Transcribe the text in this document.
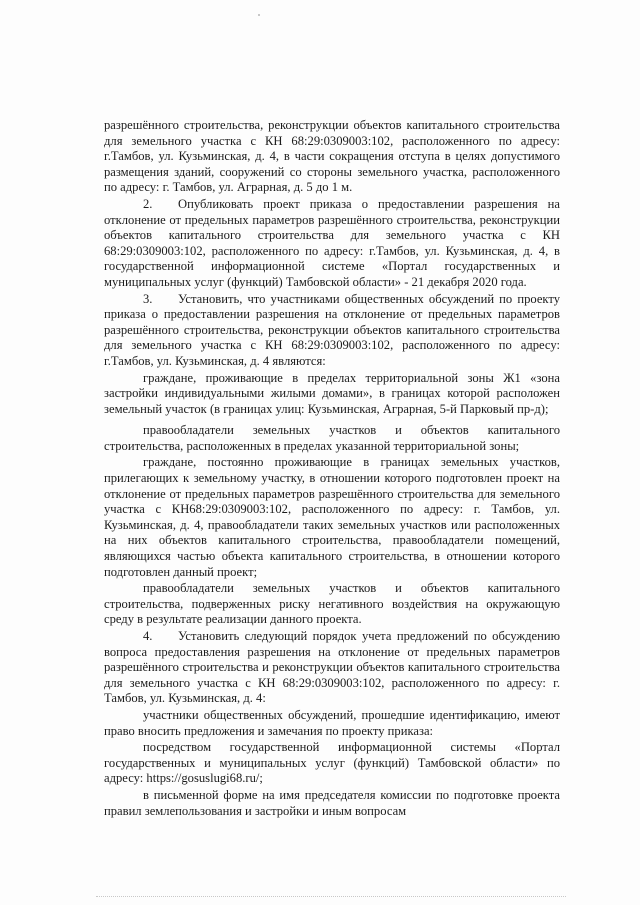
разрешённого строительства, реконструкции объектов капитального строительства для земельного участка с КН 68:29:0309003:102, расположенного по адресу: г.Тамбов, ул. Кузьминская, д. 4, в части сокращения отступа в целях допустимого размещения зданий, сооружений со стороны земельного участка, расположенного по адресу: г. Тамбов, ул. Аграрная, д. 5 до 1 м.

2. Опубликовать проект приказа о предоставлении разрешения на отклонение от предельных параметров разрешённого строительства, реконструкции объектов капитального строительства для земельного участка с КН 68:29:0309003:102, расположенного по адресу: г.Тамбов, ул. Кузьминская, д. 4, в государственной информационной системе «Портал государственных и муниципальных услуг (функций) Тамбовской области» - 21 декабря 2020 года.

3. Установить, что участниками общественных обсуждений по проекту приказа о предоставлении разрешения на отклонение от предельных параметров разрешённого строительства, реконструкции объектов капитального строительства для земельного участка с КН 68:29:0309003:102, расположенного по адресу: г.Тамбов, ул. Кузьминская, д. 4 являются:

граждане, проживающие в пределах территориальной зоны Ж1 «зона застройки индивидуальными жилыми домами», в границах которой расположен земельный участок (в границах улиц: Кузьминская, Аграрная, 5-й Парковый пр-д);

правообладатели земельных участков и объектов капитального строительства, расположенных в пределах указанной территориальной зоны;

граждане, постоянно проживающие в границах земельных участков, прилегающих к земельному участку, в отношении которого подготовлен проект на отклонение от предельных параметров разрешённого строительства для земельного участка с КН68:29:0309003:102, расположенного по адресу: г. Тамбов, ул. Кузьминская, д. 4, правообладатели таких земельных участков или расположенных на них объектов капитального строительства, правообладатели помещений, являющихся частью объекта капитального строительства, в отношении которого подготовлен данный проект;

правообладатели земельных участков и объектов капитального строительства, подверженных риску негативного воздействия на окружающую среду в результате реализации данного проекта.

4. Установить следующий порядок учета предложений по обсуждению вопроса предоставления разрешения на отклонение от предельных параметров разрешённого строительства и реконструкции объектов капитального строительства для земельного участка с КН 68:29:0309003:102, расположенного по адресу: г. Тамбов, ул. Кузьминская, д. 4:

участники общественных обсуждений, прошедшие идентификацию, имеют право вносить предложения и замечания по проекту приказа:

посредством государственной информационной системы «Портал государственных и муниципальных услуг (функций) Тамбовской области» по адресу: https://gosuslugi68.ru/;

в письменной форме на имя председателя комиссии по подготовке проекта правил землепользования и застройки и иным вопросам
